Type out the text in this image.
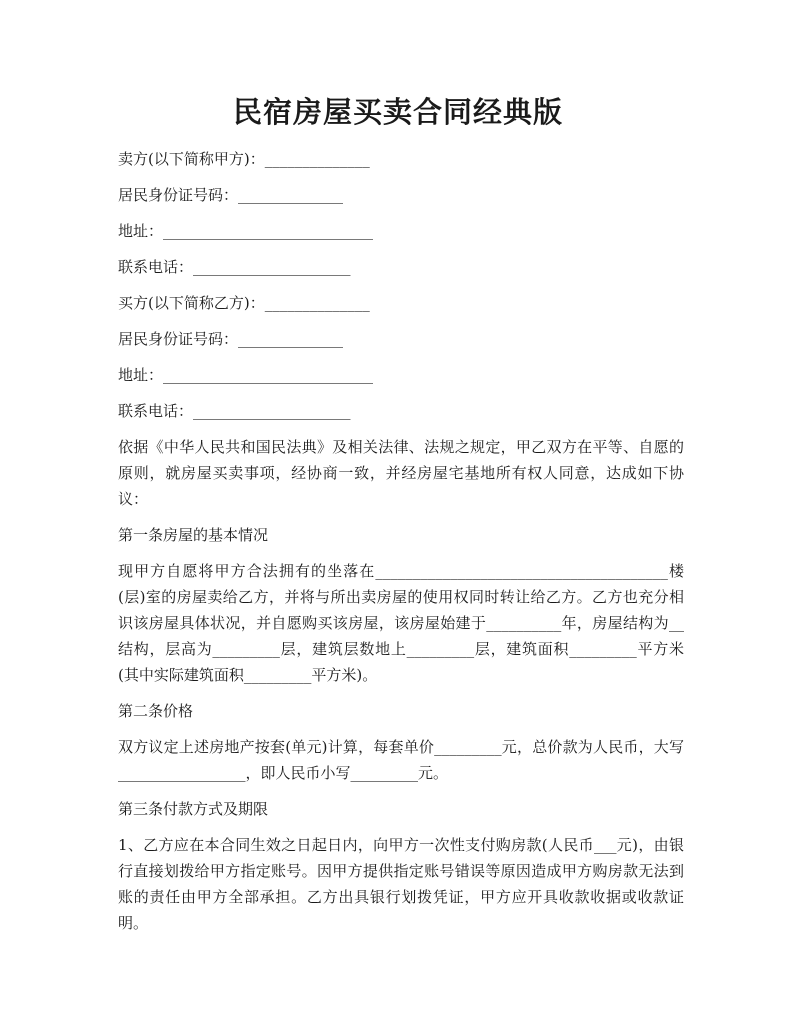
民宿房屋买卖合同经典版

卖方(以下简称甲方)：______________

居民身份证号码：______________

地址：____________________________

联系电话：_____________________

买方(以下简称乙方)：______________

居民身份证号码：______________

地址：____________________________

联系电话：_____________________

依据《中华人民共和国民法典》及相关法律、法规之规定，甲乙双方在平等、自愿的原则，就房屋买卖事项，经协商一致，并经房屋宅基地所有权人同意，达成如下协议：

第一条房屋的基本情况

现甲方自愿将甲方合法拥有的坐落在_______________________________________楼(层)室的房屋卖给乙方，并将与所出卖房屋的使用权同时转让给乙方。乙方也充分相识该房屋具体状况，并自愿购买该房屋，该房屋始建于__________年，房屋结构为__结构，层高为_________层，建筑层数地上_________层，建筑面积_________平方米(其中实际建筑面积_________平方米)。

第二条价格

双方议定上述房地产按套(单元)计算，每套单价_________元，总价款为人民币，大写_________________，即人民币小写_________元。

第三条付款方式及期限

1、乙方应在本合同生效之日起日内，向甲方一次性支付购房款(人民币___元)，由银行直接划拨给甲方指定账号。因甲方提供指定账号错误等原因造成甲方购房款无法到账的责任由甲方全部承担。乙方出具银行划拨凭证，甲方应开具收款收据或收款证明。
